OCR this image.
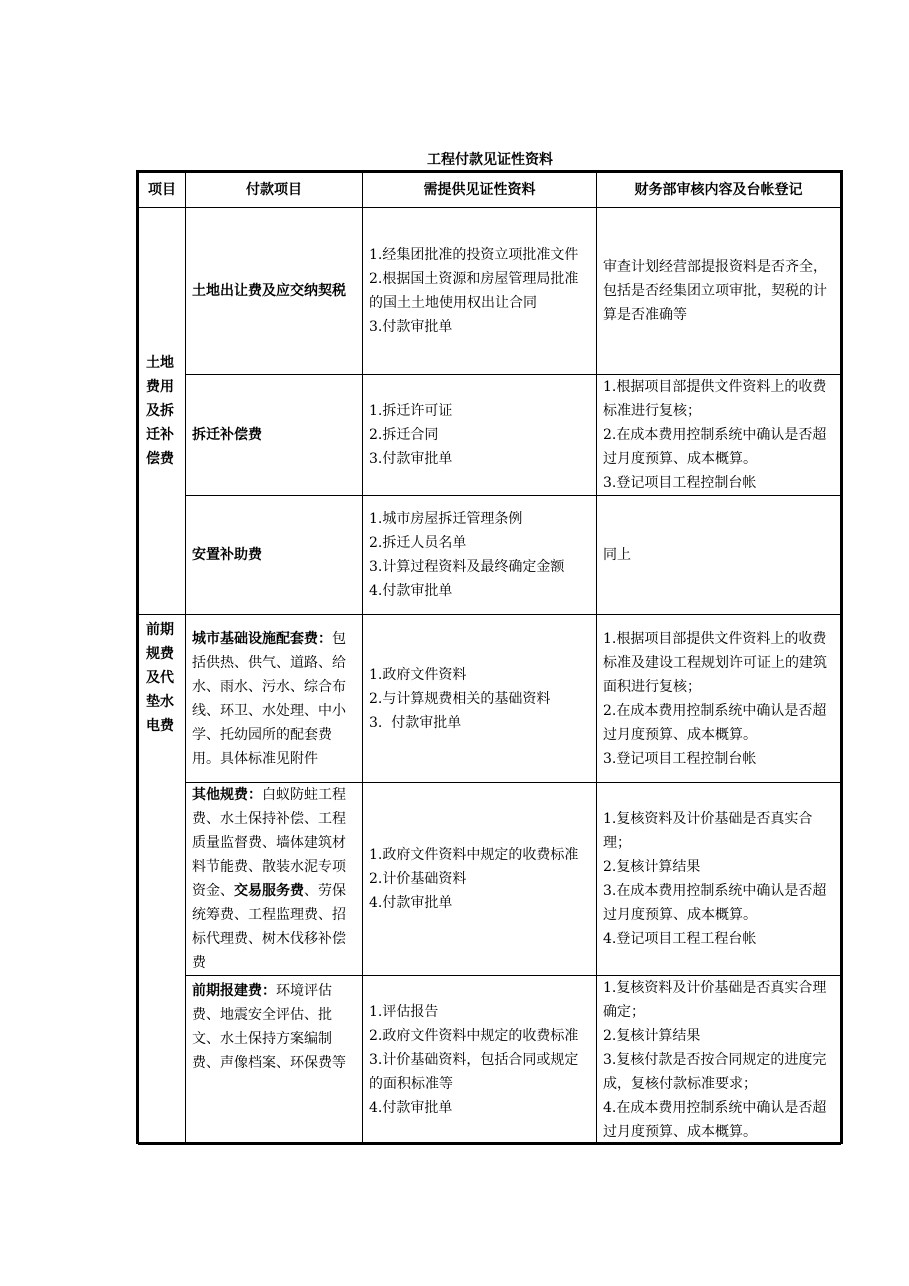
工程付款见证性资料
项目	付款项目	需提供见证性资料	财务部审核内容及台帐登记

土地费用及拆迁补偿费	土地出让费及应交纳契税	1.经集团批准的投资立项批准文件
2.根据国土资源和房屋管理局批准的国土土地使用权出让合同
3.付款审批单	审查计划经营部提报资料是否齐全，包括是否经集团立项审批，契税的计算是否准确等

	拆迁补偿费	1.拆迁许可证
2.拆迁合同
3.付款审批单	1.根据项目部提供文件资料上的收费标准进行复核；
2.在成本费用控制系统中确认是否超过月度预算、成本概算。
3.登记项目工程控制台帐

	安置补助费	1.城市房屋拆迁管理条例
2.拆迁人员名单
3.计算过程资料及最终确定金额
4.付款审批单	同上

前期规费及代垫水电费	城市基础设施配套费：包括供热、供气、道路、给水、雨水、污水、综合布线、环卫、水处理、中小学、托幼园所的配套费用。具体标准见附件	1.政府文件资料
2.与计算规费相关的基础资料
3.  付款审批单	1.根据项目部提供文件资料上的收费标准及建设工程规划许可证上的建筑面积进行复核；
2.在成本费用控制系统中确认是否超过月度预算、成本概算。
3.登记项目工程控制台帐

	其他规费：白蚁防蛀工程费、水土保持补偿、工程质量监督费、墙体建筑材料节能费、散装水泥专项资金、交易服务费、劳保统筹费、工程监理费、招标代理费、树木伐移补偿费	1.政府文件资料中规定的收费标准
2.计价基础资料
4.付款审批单	1.复核资料及计价基础是否真实合理；
2.复核计算结果
3.在成本费用控制系统中确认是否超过月度预算、成本概算。
4.登记项目工程工程台帐

	前期报建费：环境评估费、地震安全评估、批文、水土保持方案编制费、声像档案、环保费等	1.评估报告
2.政府文件资料中规定的收费标准
3.计价基础资料，包括合同或规定的面积标准等
4.付款审批单	1.复核资料及计价基础是否真实合理确定；
2.复核计算结果
3.复核付款是否按合同规定的进度完成，复核付款标准要求；
4.在成本费用控制系统中确认是否超过月度预算、成本概算。
